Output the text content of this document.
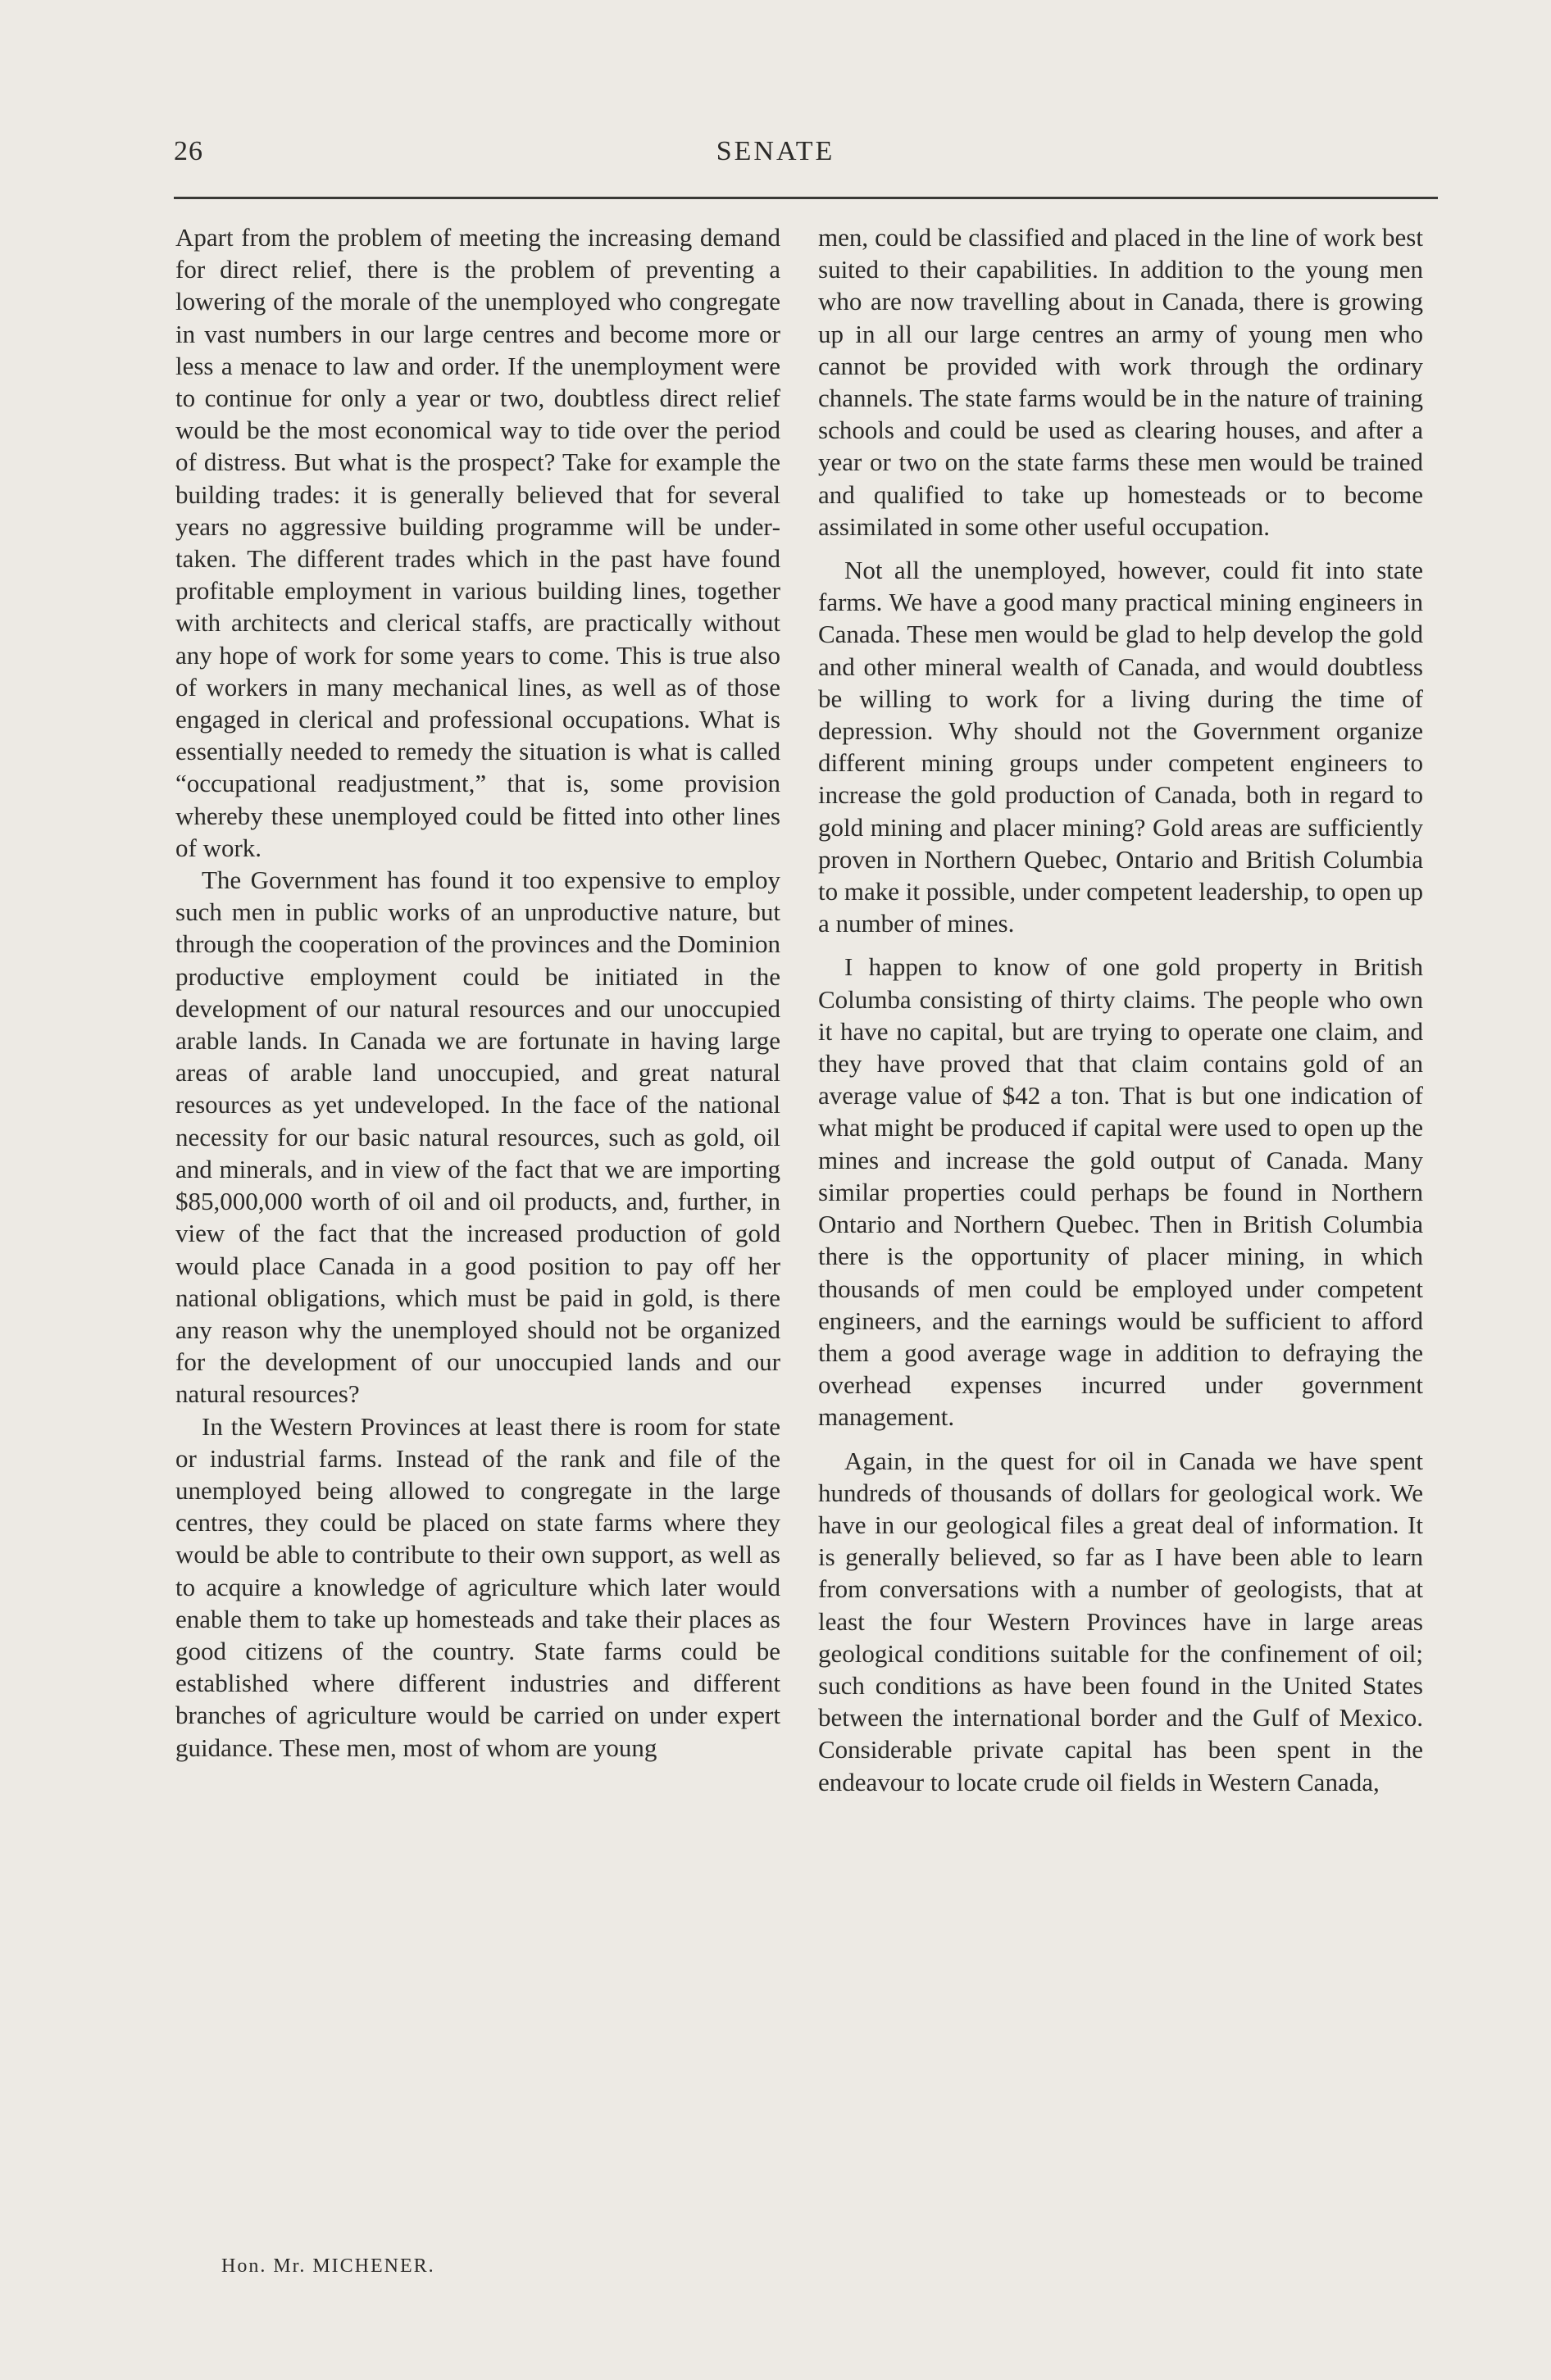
26	SENATE

Apart from the problem of meeting the increasing demand for direct relief, there is the problem of preventing a lowering of the morale of the unemployed who congregate in vast numbers in our large centres and become more or less a menace to law and order. If the unemployment were to continue for only a year or two, doubtless direct relief would be the most economical way to tide over the period of distress. But what is the prospect? Take for example the building trades: it is generally believed that for several years no aggressive building programme will be undertaken. The different trades which in the past have found profitable employment in various building lines, together with architects and clerical staffs, are practically without any hope of work for some years to come. This is true also of workers in many mechanical lines, as well as of those engaged in clerical and professional occupations. What is essentially needed to remedy the situation is what is called “occupational readjustment,” that is, some provision whereby these unemployed could be fitted into other lines of work.

The Government has found it too expensive to employ such men in public works of an unproductive nature, but through the cooperation of the provinces and the Dominion productive employment could be initiated in the development of our natural resources and our unoccupied arable lands. In Canada we are fortunate in having large areas of arable land unoccupied, and great natural resources as yet undeveloped. In the face of the national necessity for our basic natural resources, such as gold, oil and minerals, and in view of the fact that we are importing $85,000,000 worth of oil and oil products, and, further, in view of the fact that the increased production of gold would place Canada in a good position to pay off her national obligations, which must be paid in gold, is there any reason why the unemployed should not be organized for the development of our unoccupied lands and our natural resources?

In the Western Provinces at least there is room for state or industrial farms. Instead of the rank and file of the unemployed being allowed to congregate in the large centres, they could be placed on state farms where they would be able to contribute to their own support, as well as to acquire a knowledge of agriculture which later would enable them to take up homesteads and take their places as good citizens of the country. State farms could be established where different industries and different branches of agriculture would be carried on under expert guidance. These men, most of whom are young

men, could be classified and placed in the line of work best suited to their capabilities. In addition to the young men who are now travelling about in Canada, there is growing up in all our large centres an army of young men who cannot be provided with work through the ordinary channels. The state farms would be in the nature of training schools and could be used as clearing houses, and after a year or two on the state farms these men would be trained and qualified to take up homesteads or to become assimilated in some other useful occupation.

Not all the unemployed, however, could fit into state farms. We have a good many practical mining engineers in Canada. These men would be glad to help develop the gold and other mineral wealth of Canada, and would doubtless be willing to work for a living during the time of depression. Why should not the Government organize different mining groups under competent engineers to increase the gold production of Canada, both in regard to gold mining and placer mining? Gold areas are sufficiently proven in Northern Quebec, Ontario and British Columbia to make it possible, under competent leadership, to open up a number of mines.

I happen to know of one gold property in British Columba consisting of thirty claims. The people who own it have no capital, but are trying to operate one claim, and they have proved that that claim contains gold of an average value of $42 a ton. That is but one indication of what might be produced if capital were used to open up the mines and increase the gold output of Canada. Many similar properties could perhaps be found in Northern Ontario and Northern Quebec. Then in British Columbia there is the opportunity of placer mining, in which thousands of men could be employed under competent engineers, and the earnings would be sufficient to afford them a good average wage in addition to defraying the overhead expenses incurred under government management.

Again, in the quest for oil in Canada we have spent hundreds of thousands of dollars for geological work. We have in our geological files a great deal of information. It is generally believed, so far as I have been able to learn from conversations with a number of geologists, that at least the four Western Provinces have in large areas geological conditions suitable for the confinement of oil; such conditions as have been found in the United States between the international border and the Gulf of Mexico. Considerable private capital has been spent in the endeavour to locate crude oil fields in Western Canada,

Hon. Mr. MICHENER.
